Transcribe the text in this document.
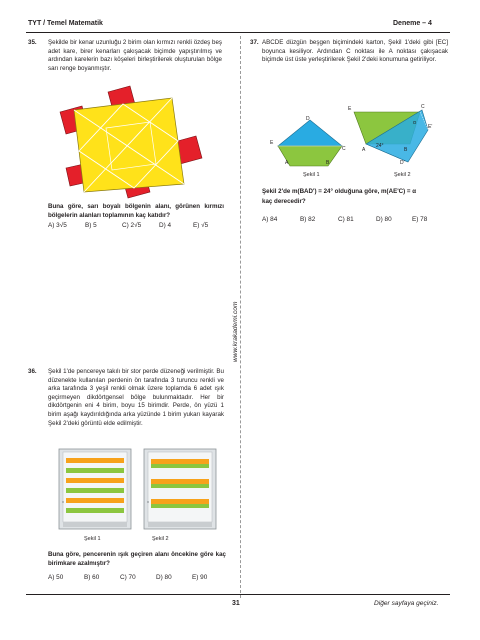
TYT / Temel Matematik	Deneme – 4
www.krakademi.com
35. Şekilde bir kenar uzunluğu 2 birim olan kırmızı renkli özdeş beş adet kare, birer kenarları çakışacak biçimde yapıştırılmış ve ardından karelerin bazı köşeleri birleştirilerek oluşturulan bölge sarı renge boyanmıştır.
Buna göre, sarı boyalı bölgenin alanı, görünen kırmızı bölgelerin alanları toplamının kaç katıdır?
A) 3√5	B) 5	C) 2√5	D) 4	E) √5
36. Şekil 1'de pencereye takılı bir stor perde düzeneği verilmiştir. Bu düzenekte kullanılan perdenin ön tarafında 3 turuncu renkli ve arka tarafında 3 yeşil renkli olmak üzere toplamda 6 adet ışık geçirmeyen dikdörtgensel bölge bulunmaktadır. Her bir dikdörtgenin eni 4 birim, boyu 15 birimdir. Perde, ön yüzü 1 birim aşağı kaydırıldığında arka yüzünde 1 birim yukarı kayarak Şekil 2'deki görüntü elde edilmiştir.
Şekil 1	Şekil 2
Buna göre, pencerenin ışık geçiren alanı öncekine göre kaç birimkare azalmıştır?
A) 50	B) 60	C) 70	D) 80	E) 90
37. ABCDE düzgün beşgen biçimindeki karton, Şekil 1'deki gibi [EC] boyunca kesiliyor. Ardından C noktası ile A noktası çakışacak biçimde üst üste yerleştirilerek Şekil 2'deki konumuna getiriliyor.
D
E
C
A	B
Şekil 1
E	C
α
E'
A
24°
B
D'
Şekil 2
Şekil 2'de m(BAD') = 24° olduğuna göre, m(AE'C) = α
kaç derecedir?
A) 84	B) 82	C) 81	D) 80	E) 78
31	Diğer sayfaya geçiniz.
